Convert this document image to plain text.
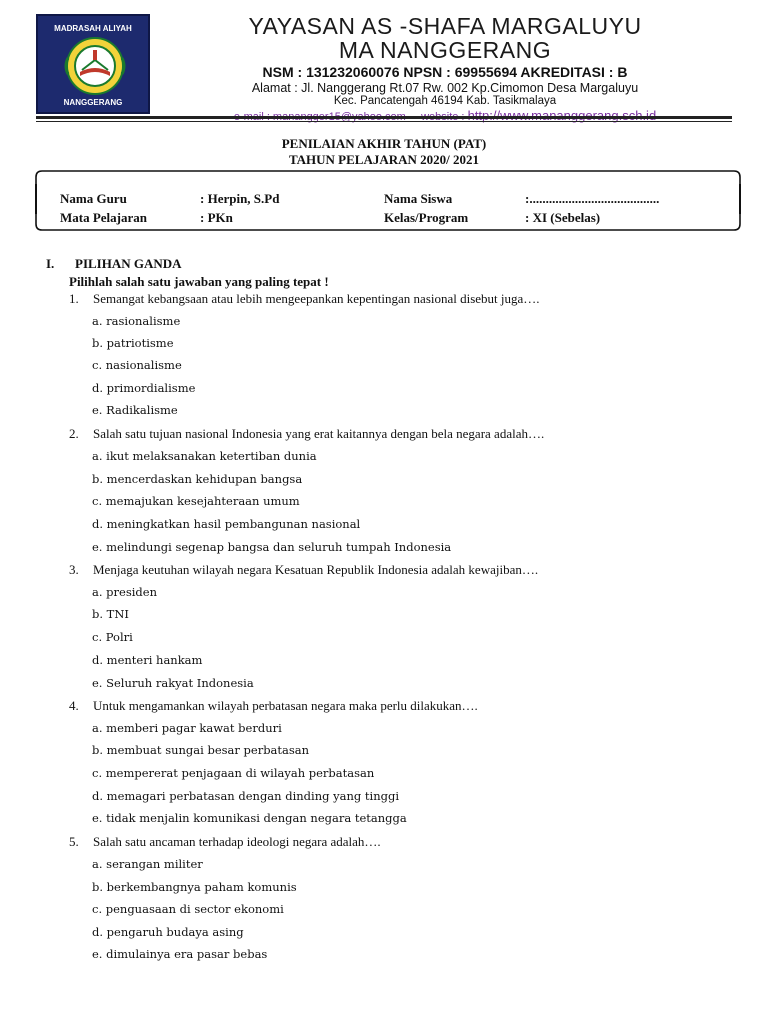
MADRASAH ALIYAH
NANGGERANG
YAYASAN AS -SHAFA MARGALUYU
MA NANGGERANG
NSM : 131232060076 NPSN : 69955694 AKREDITASI : B
Alamat : Jl. Nanggerang Rt.07 Rw. 002 Kp.Cimomon Desa Margaluyu
Kec. Pancatengah 46194 Kab. Tasikmalaya

PENILAIAN AKHIR TAHUN (PAT)
TAHUN PELAJARAN 2020/ 2021
Nama Guru
Mata Pelajaran
: Herpin, S.Pd
: PKn
Nama Siswa
Kelas/Program
:........................................
: XI (Sebelas)
I. PILIHAN GANDA
Pilihlah salah satu jawaban yang paling tepat !
1. Semangat kebangsaan atau lebih mengeepankan kepentingan nasional disebut juga….
a. rasionalisme
b. patriotisme
c. nasionalisme
d. primordialisme
e. Radikalisme
2. Salah satu tujuan nasional Indonesia yang erat kaitannya dengan bela negara adalah….
a. ikut melaksanakan ketertiban dunia
b. mencerdaskan kehidupan bangsa
c. memajukan kesejahteraan umum
d. meningkatkan hasil pembangunan nasional
e. melindungi segenap bangsa dan seluruh tumpah Indonesia
3. Menjaga keutuhan wilayah negara Kesatuan Republik Indonesia adalah kewajiban….
a. presiden
b. TNI
c. Polri
d. menteri hankam
e. Seluruh rakyat Indonesia
4. Untuk mengamankan wilayah perbatasan negara maka perlu dilakukan….
a. memberi pagar kawat berduri
b. membuat sungai besar perbatasan
c. mempererat penjagaan di wilayah perbatasan
d. memagari perbatasan dengan dinding yang tinggi
e. tidak menjalin komunikasi dengan negara tetangga
5. Salah satu ancaman terhadap ideologi negara adalah….
a. serangan militer
b. berkembangnya paham komunis
c. penguasaan di sector ekonomi
d. pengaruh budaya asing
e. dimulainya era pasar bebas
